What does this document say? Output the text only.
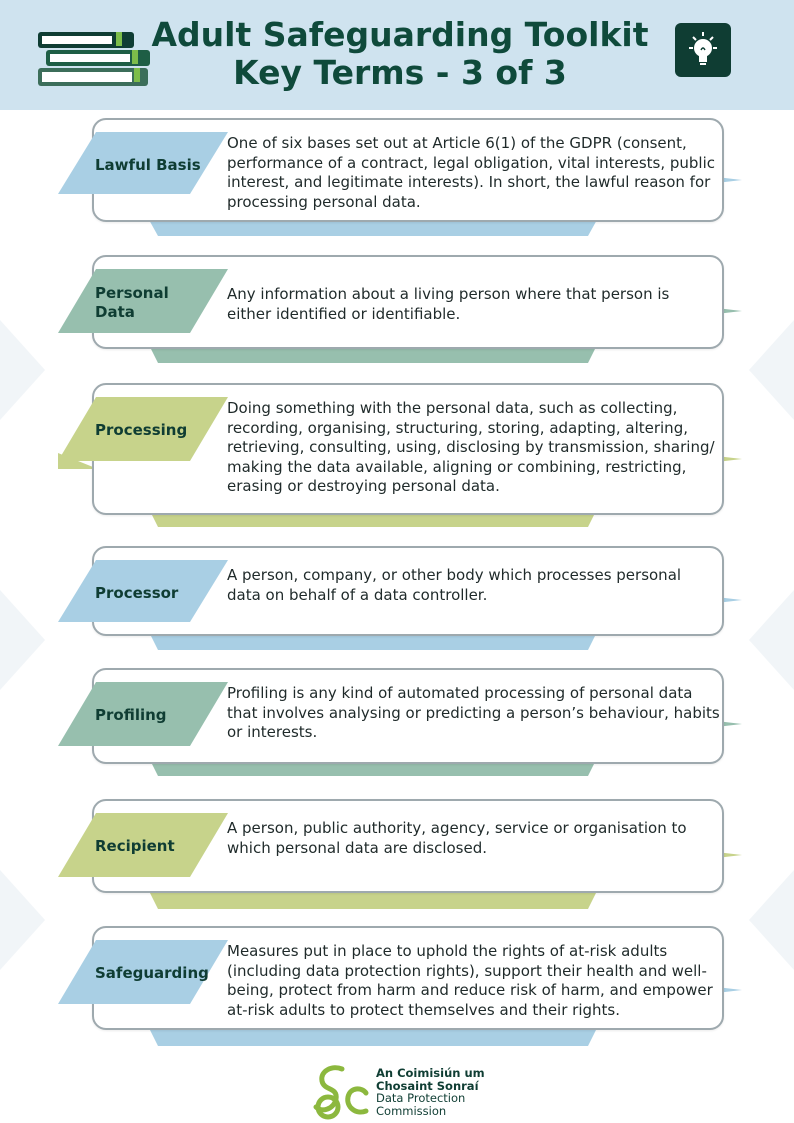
Adult Safeguarding Toolkit
Key Terms - 3 of 3
Lawful Basis

One of six bases set out at Article 6(1) of the GDPR (consent,
performance of a contract, legal obligation, vital interests, public
interest, and legitimate interests). In short, the lawful reason for
processing personal data.

Personal
Data

Any information about a living person where that person is
either identified or identifiable.

Processing

Doing something with the personal data, such as collecting,
recording, organising, structuring, storing, adapting, altering,
retrieving, consulting, using, disclosing by transmission, sharing/
making the data available, aligning or combining, restricting,
erasing or destroying personal data.

Processor

A person, company, or other body which processes personal
data on behalf of a data controller.

Profiling

Profiling is any kind of automated processing of personal data
that involves analysing or predicting a person’s behaviour, habits
or interests.

Recipient

A person, public authority, agency, service or organisation to
which personal data are disclosed.

Safeguarding

Measures put in place to uphold the rights of at-risk adults
(including data protection rights), support their health and well-
being, protect from harm and reduce risk of harm, and empower
at-risk adults to protect themselves and their rights.

An Coimisiún um
Chosaint Sonraí
Data Protection
Commission
